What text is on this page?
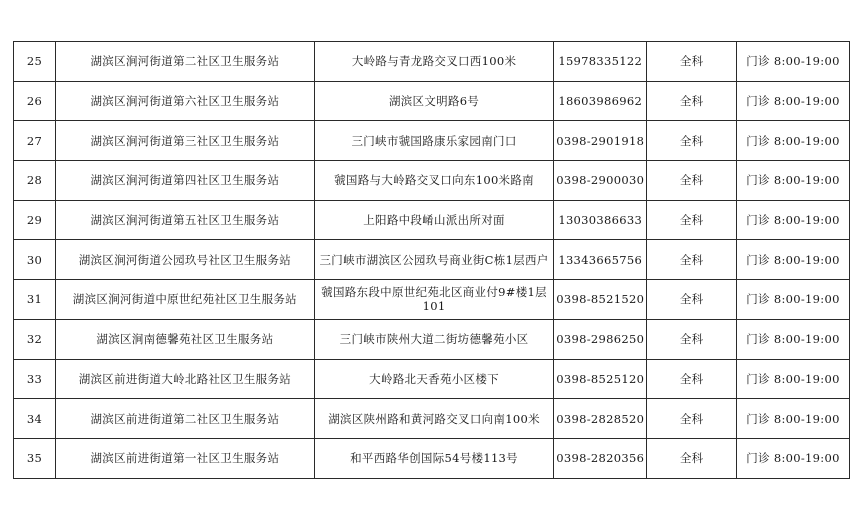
25	湖滨区涧河街道第二社区卫生服务站	大岭路与青龙路交叉口西100米	15978335122	全科	门诊 8:00-19:00
26	湖滨区涧河街道第六社区卫生服务站	湖滨区文明路6号	18603986962	全科	门诊 8:00-19:00
27	湖滨区涧河街道第三社区卫生服务站	三门峡市虢国路康乐家园南门口	0398-2901918	全科	门诊 8:00-19:00
28	湖滨区涧河街道第四社区卫生服务站	虢国路与大岭路交叉口向东100米路南	0398-2900030	全科	门诊 8:00-19:00
29	湖滨区涧河街道第五社区卫生服务站	上阳路中段崤山派出所对面	13030386633	全科	门诊 8:00-19:00
30	湖滨区涧河街道公园玖号社区卫生服务站	三门峡市湖滨区公园玖号商业街C栋1层西户	13343665756	全科	门诊 8:00-19:00
31	湖滨区涧河街道中原世纪苑社区卫生服务站	虢国路东段中原世纪苑北区商业付9#楼1层101	0398-8521520	全科	门诊 8:00-19:00
32	湖滨区涧南德馨苑社区卫生服务站	三门峡市陕州大道二街坊德馨苑小区	0398-2986250	全科	门诊 8:00-19:00
33	湖滨区前进街道大岭北路社区卫生服务站	大岭路北天香苑小区楼下	0398-8525120	全科	门诊 8:00-19:00
34	湖滨区前进街道第二社区卫生服务站	湖滨区陕州路和黄河路交叉口向南100米	0398-2828520	全科	门诊 8:00-19:00
35	湖滨区前进街道第一社区卫生服务站	和平西路华创国际54号楼113号	0398-2820356	全科	门诊 8:00-19:00
